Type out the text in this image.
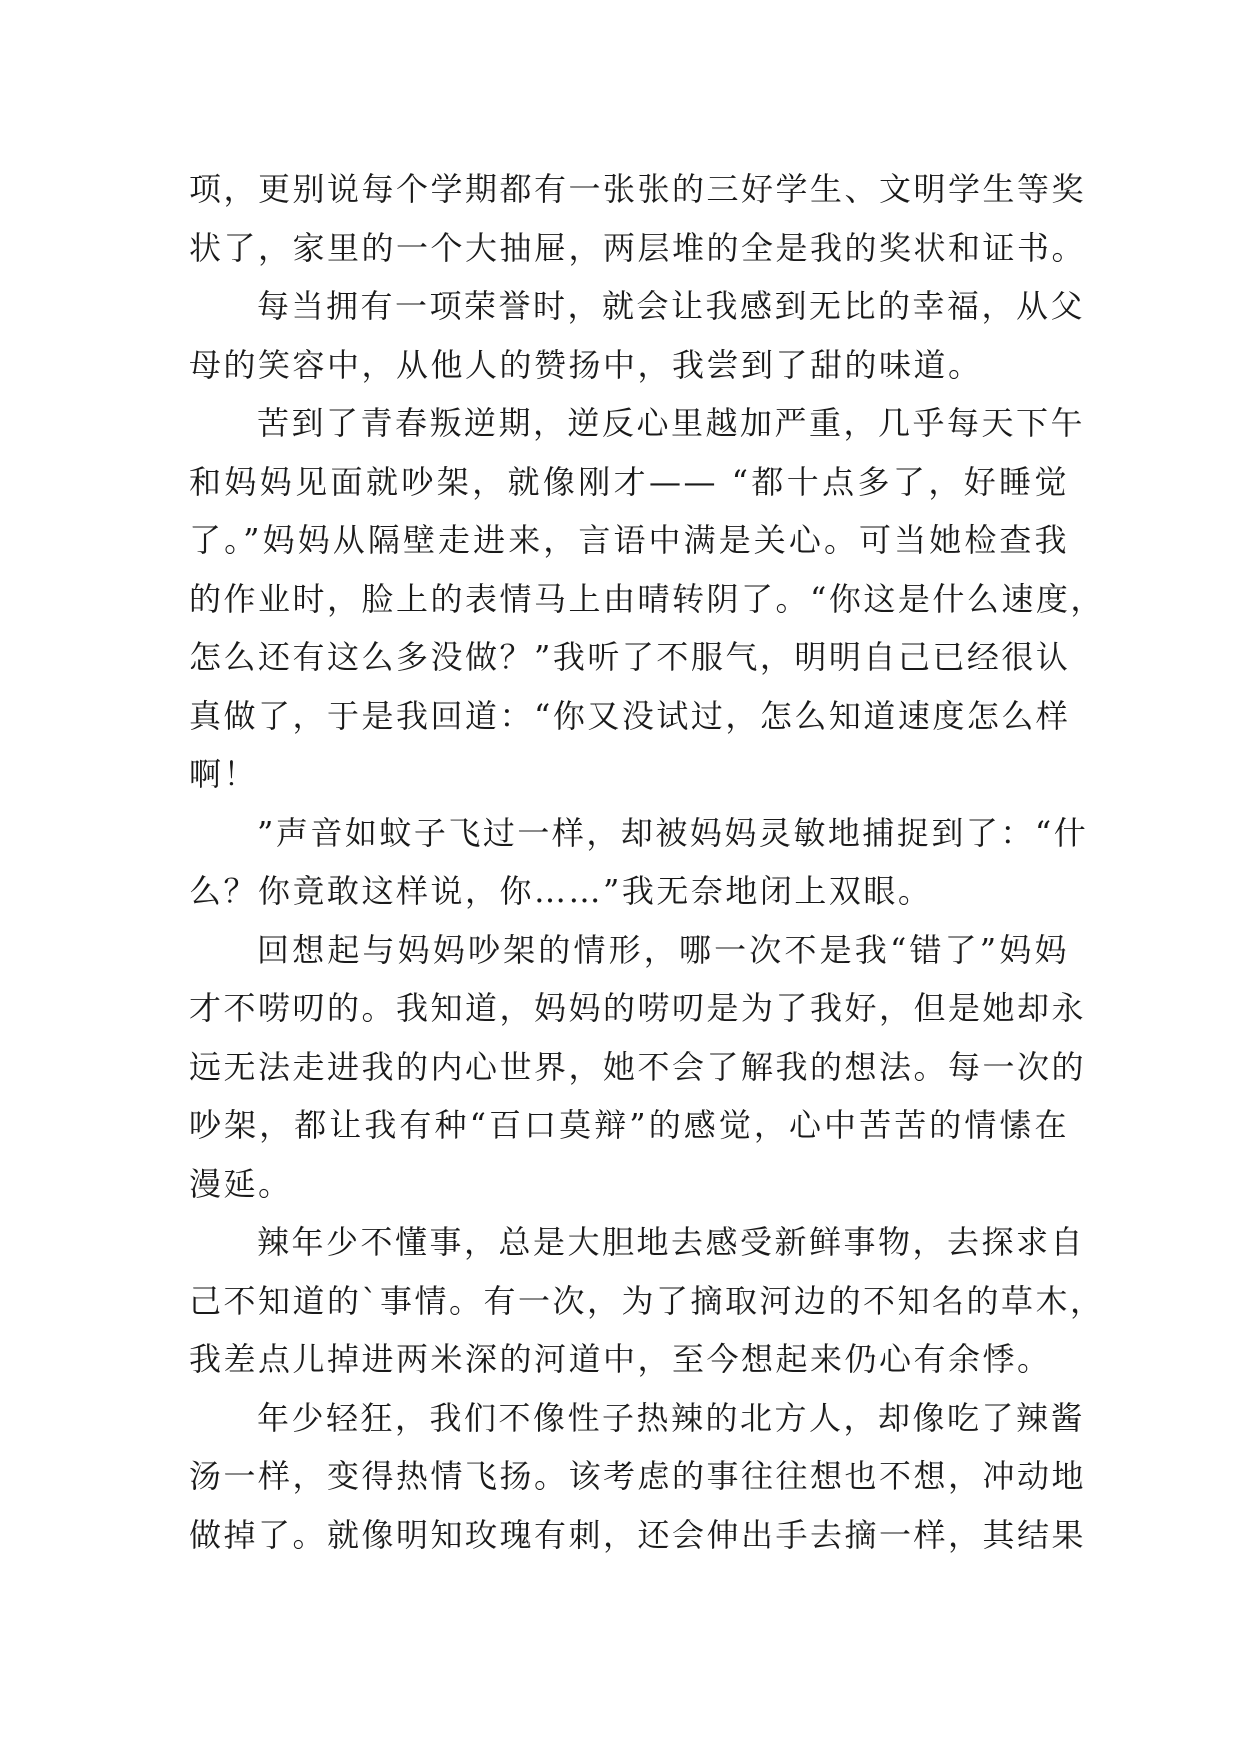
项，更别说每个学期都有一张张的三好学生、文明学生等奖
状了，家里的一个大抽屉，两层堆的全是我的奖状和证书。
每当拥有一项荣誉时，就会让我感到无比的幸福，从父
母的笑容中，从他人的赞扬中，我尝到了甜的味道。
苦到了青春叛逆期，逆反心里越加严重，几乎每天下午
和妈妈见面就吵架，就像刚才—— “都十点多了，好睡觉
了。”妈妈从隔壁走进来，言语中满是关心。可当她检查我
的作业时，脸上的表情马上由晴转阴了。“你这是什么速度，
怎么还有这么多没做？”我听了不服气，明明自己已经很认
真做了，于是我回道：“你又没试过，怎么知道速度怎么样
啊！
”声音如蚊子飞过一样，却被妈妈灵敏地捕捉到了：“什
么？你竟敢这样说，你……”我无奈地闭上双眼。
回想起与妈妈吵架的情形，哪一次不是我“错了”妈妈
才不唠叨的。我知道，妈妈的唠叨是为了我好，但是她却永
远无法走进我的内心世界，她不会了解我的想法。每一次的
吵架，都让我有种“百口莫辩”的感觉，心中苦苦的情愫在
漫延。
辣年少不懂事，总是大胆地去感受新鲜事物，去探求自
己不知道的`事情。有一次，为了摘取河边的不知名的草木，
我差点儿掉进两米深的河道中，至今想起来仍心有余悸。
年少轻狂，我们不像性子热辣的北方人，却像吃了辣酱
汤一样，变得热情飞扬。该考虑的事往往想也不想，冲动地
做掉了。就像明知玫瑰有刺，还会伸出手去摘一样，其结果
